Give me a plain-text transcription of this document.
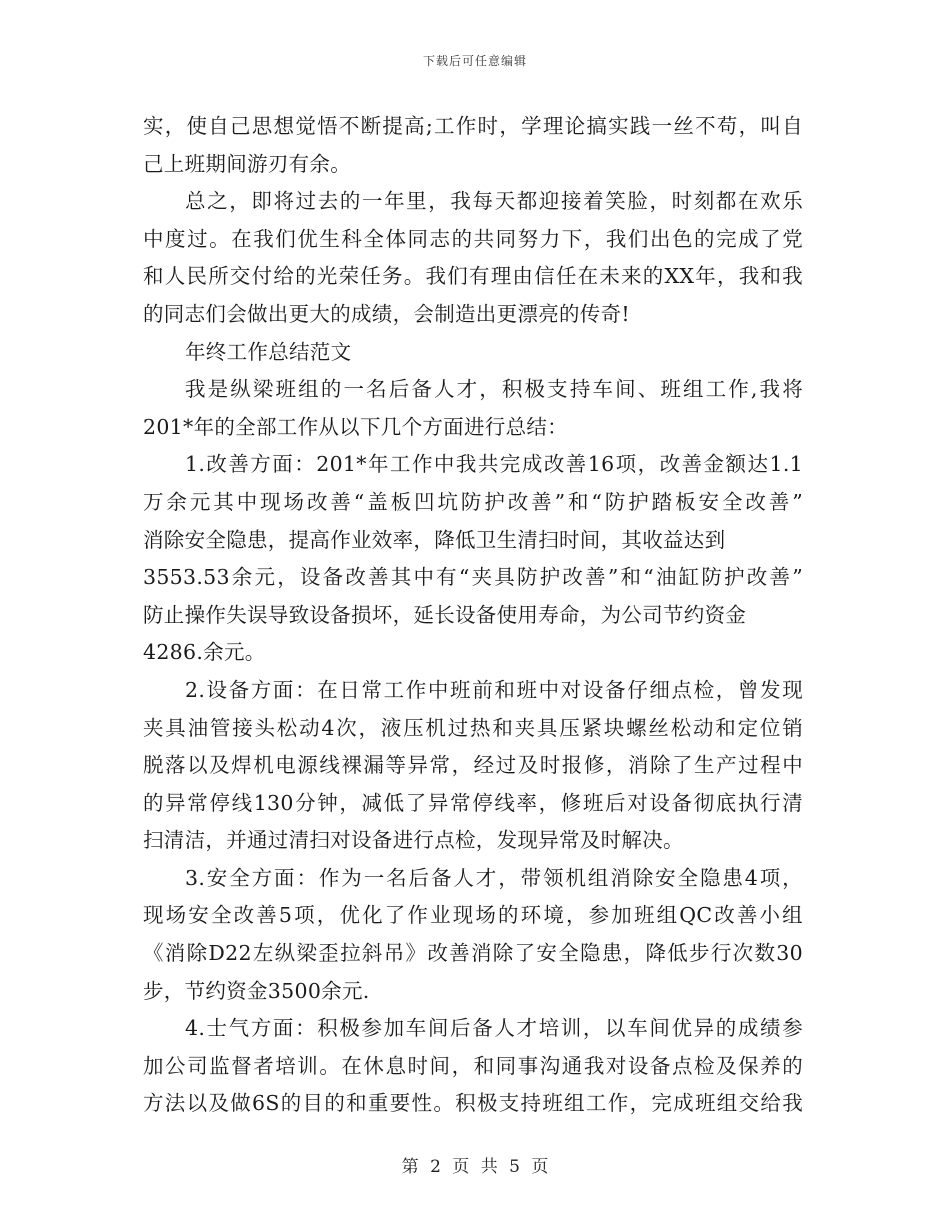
下载后可任意编辑
实，使自己思想觉悟不断提高;工作时，学理论搞实践一丝不苟，叫自
己上班期间游刃有余。
总之，即将过去的一年里，我每天都迎接着笑脸，时刻都在欢乐
中度过。在我们优生科全体同志的共同努力下，我们出色的完成了党
和人民所交付给的光荣任务。我们有理由信任在未来的XX年，我和我
的同志们会做出更大的成绩，会制造出更漂亮的传奇!
年终工作总结范文
我是纵梁班组的一名后备人才，积极支持车间、班组工作,我将
201*年的全部工作从以下几个方面进行总结：
1.改善方面：201*年工作中我共完成改善16项，改善金额达1.1
万余元其中现场改善“盖板凹坑防护改善”和“防护踏板安全改善”
消除安全隐患，提高作业效率，降低卫生清扫时间，其收益达到
3553.53余元，设备改善其中有“夹具防护改善”和“油缸防护改善”
防止操作失误导致设备损坏，延长设备使用寿命，为公司节约资金
4286.余元。
2.设备方面：在日常工作中班前和班中对设备仔细点检，曾发现
夹具油管接头松动4次，液压机过热和夹具压紧块螺丝松动和定位销
脱落以及焊机电源线裸漏等异常，经过及时报修，消除了生产过程中
的异常停线130分钟，减低了异常停线率，修班后对设备彻底执行清
扫清洁，并通过清扫对设备进行点检，发现异常及时解决。
3.安全方面：作为一名后备人才，带领机组消除安全隐患4项，
现场安全改善5项，优化了作业现场的环境，参加班组QC改善小组
《消除D22左纵梁歪拉斜吊》改善消除了安全隐患，降低步行次数30
步，节约资金3500余元.
4.士气方面：积极参加车间后备人才培训，以车间优异的成绩参
加公司监督者培训。在休息时间，和同事沟通我对设备点检及保养的
方法以及做6S的目的和重要性。积极支持班组工作，完成班组交给我
第 2 页 共 5 页
